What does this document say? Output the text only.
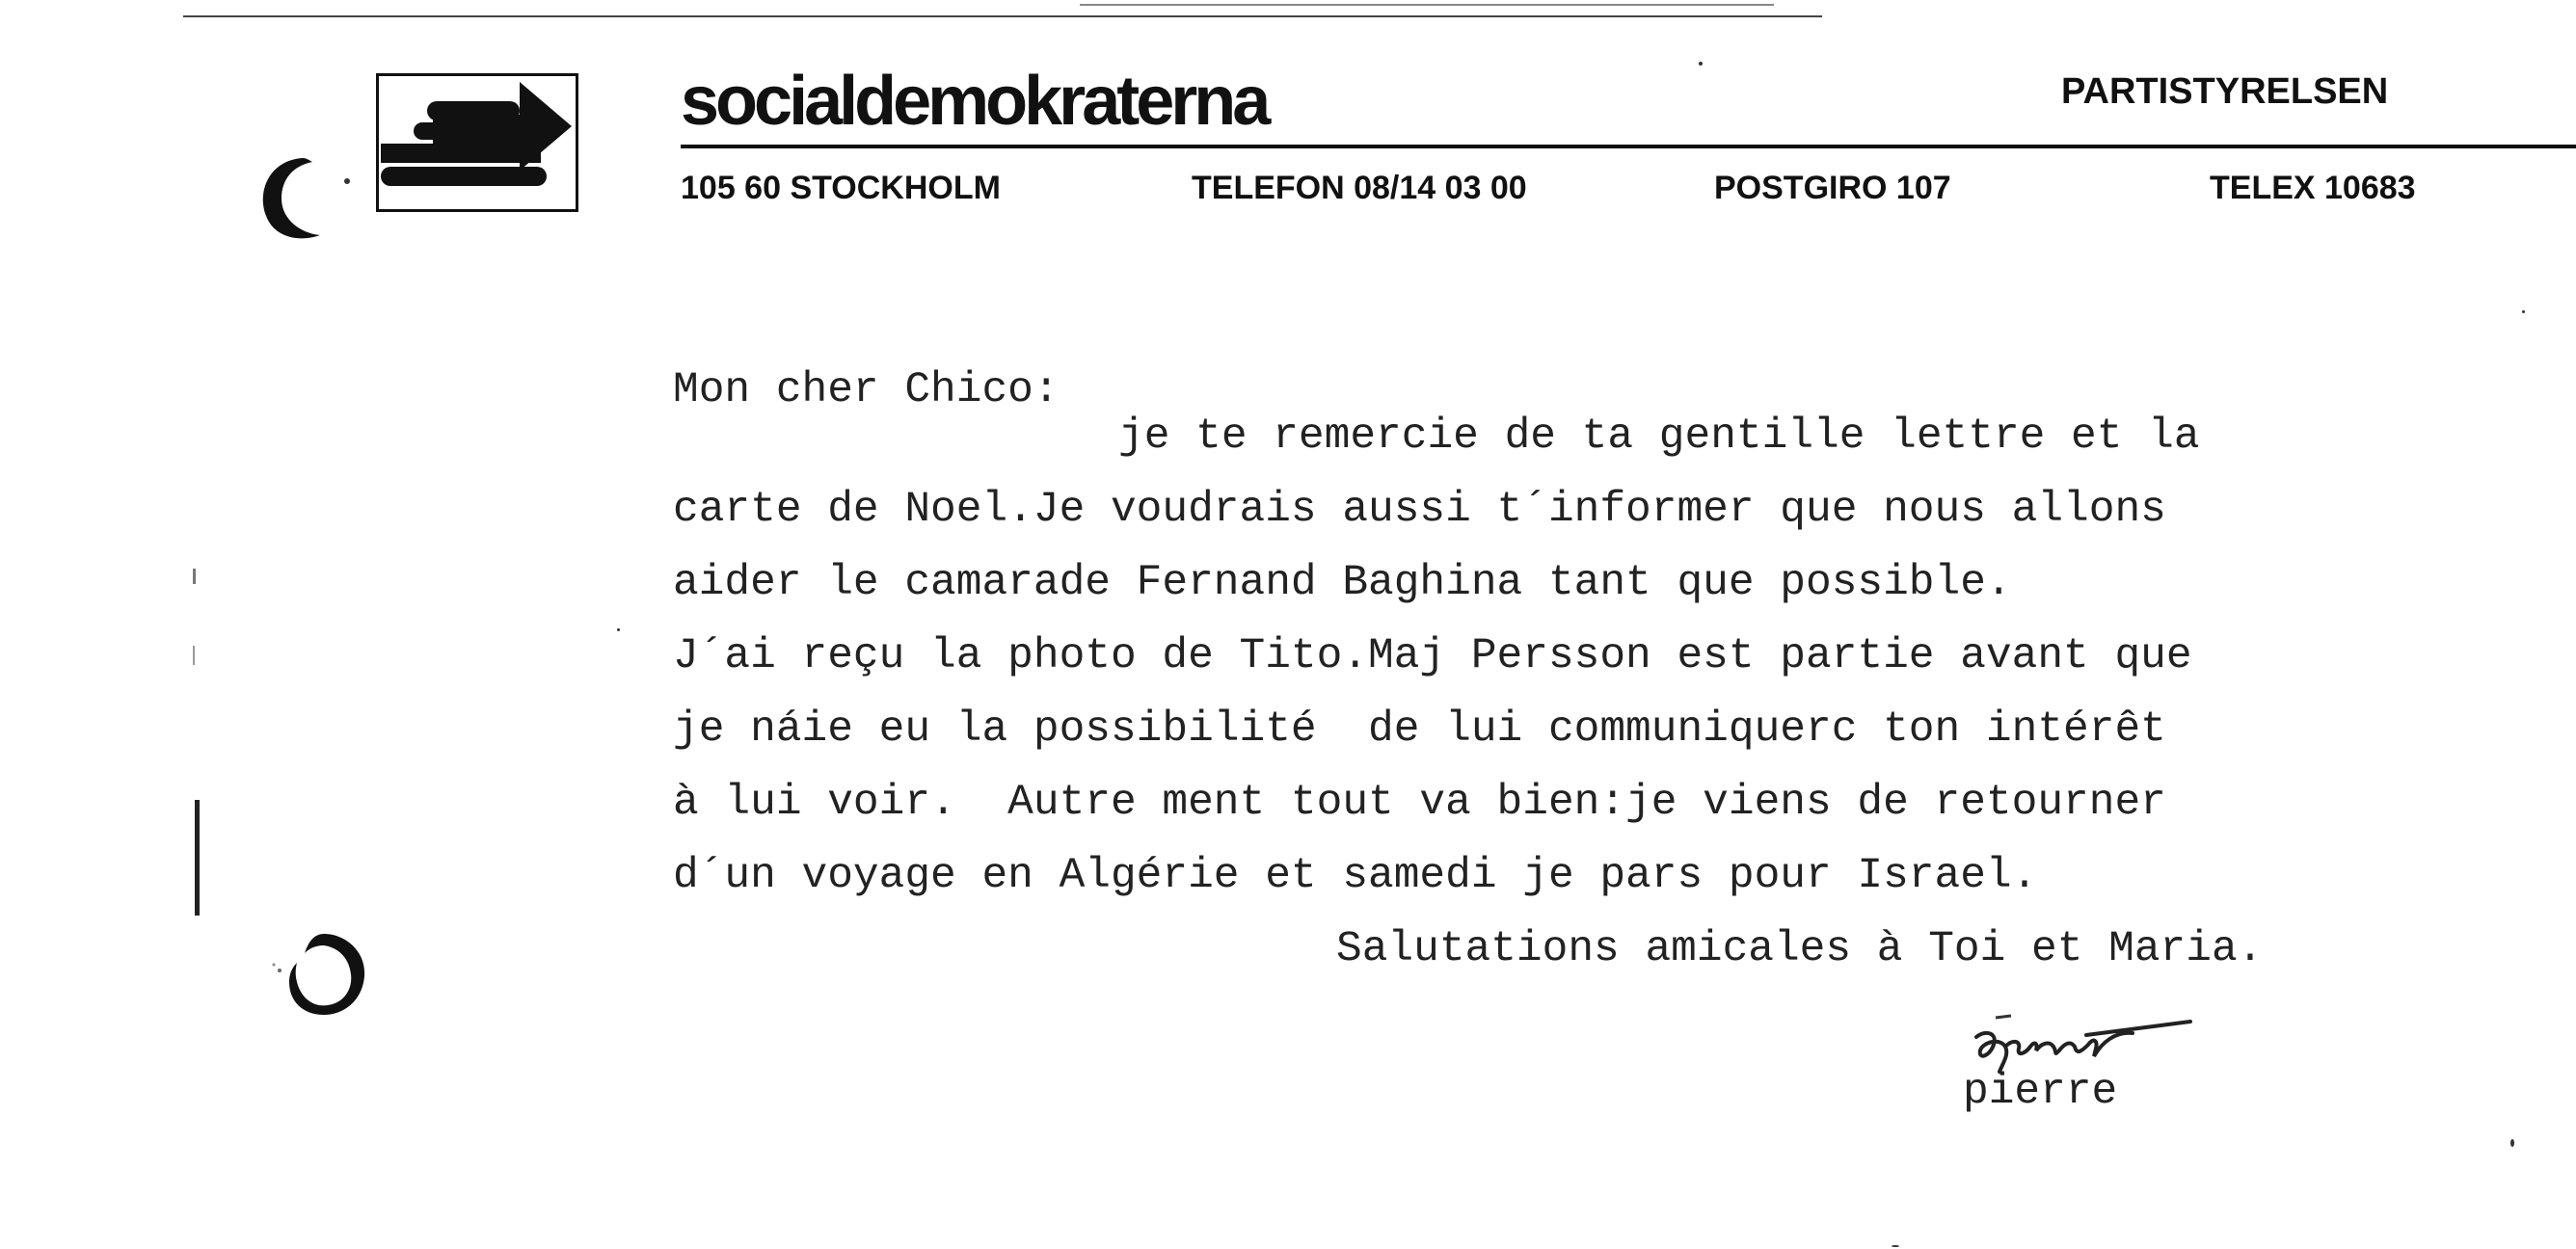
socialdemokraterna	PARTISTYRELSEN
105 60 STOCKHOLM	TELEFON 08/14 03 00	POSTGIRO 107	TELEX 10683
Mon cher Chico:
je te remercie de ta gentille lettre et la
carte de Noel.Je voudrais aussi t´informer que nous allons
aider le camarade Fernand Baghina tant que possible.
J´ai reçu la photo de Tito.Maj Persson est partie avant que
je náie eu la possibilité  de lui communiquerc ton intérêt
à lui voir.  Autre ment tout va bien:je viens de retourner
d´un voyage en Algérie et samedi je pars pour Israel.
Salutations amicales à Toi et Maria.
pierre
